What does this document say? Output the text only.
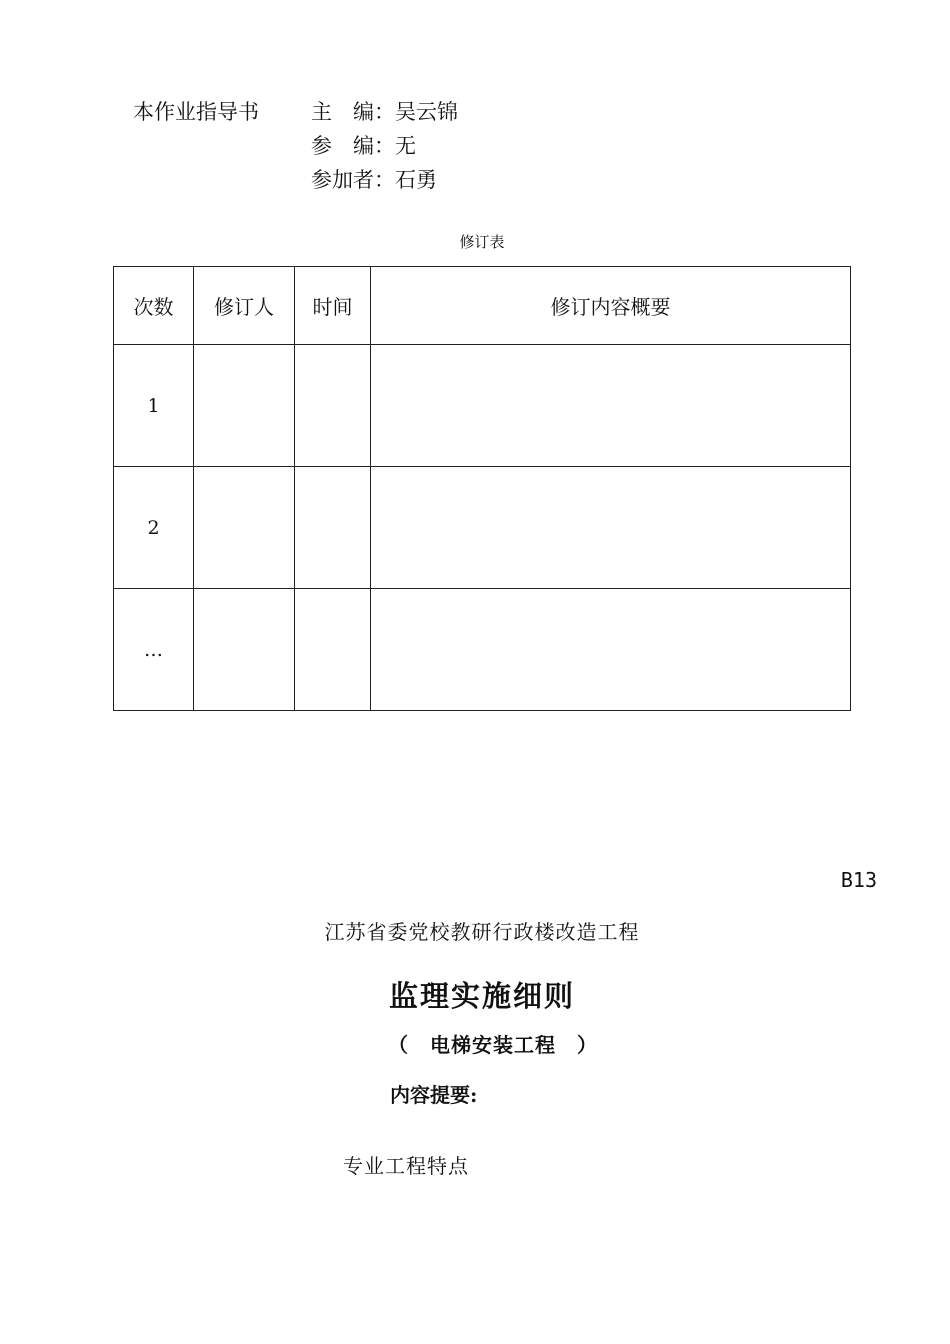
本作业指导书 主　编：吴云锦
参　编：无
参加者：石勇
修订表
次数	修订人	时间	修订内容概要
1			
2			
…			
B13
江苏省委党校教研行政楼改造工程
监理实施细则
（　电梯安装工程　）
内容提要:
专业工程特点
